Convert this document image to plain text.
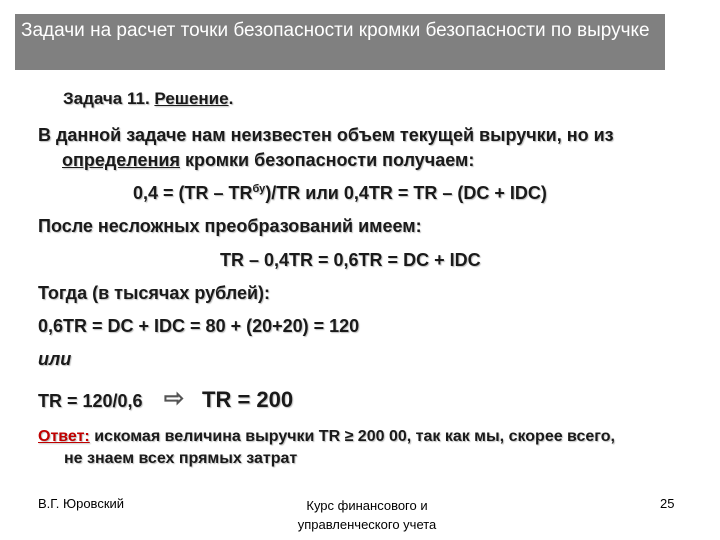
Задачи на расчет точки безопасности кромки безопасности по выручке
Задача 11. Решение.
В данной задаче нам неизвестен объем текущей выручки, но из
определения кромки безопасности получаем:
$0,4 = (TR - TR^{бу})/TR$ или 0,4TR = TR – (DC + IDC)
После несложных преобразований имеем:
TR – 0,4TR = 0,6TR = DC + IDC
Тогда (в тысячах рублей):
0,6TR = DC + IDC = 80 + (20+20) = 120
или
TR = 120/0,6 ⇨ TR = 200
Ответ: искомая величина выручки TR ≥ 200 00, так как мы, скорее всего,
не знаем всех прямых затрат
В.Г. Юровский	Курс финансового и
управленческого учета
25
